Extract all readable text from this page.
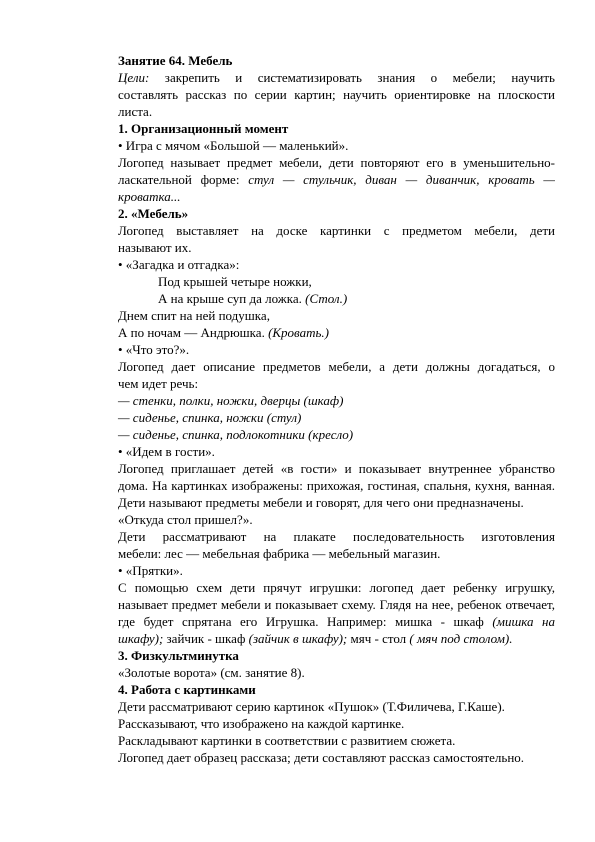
Занятие 64. Мебель
Цели: закрепить и систематизировать знания о мебели; научить
составлять рассказ по серии картин; научить ориентировке на плоскости
листа.
1. Организационный момент
• Игра с мячом «Большой — маленький».
Логопед называет предмет мебели, дети повторяют его в уменьшительно-
ласкательной форме: стул — стульчик, диван — диванчик, кровать —
кроватка...
2. «Мебель»
Логопед выставляет на доске картинки с предметом мебели, дети
называют их.
• «Загадка и отгадка»:
Под крышей четыре ножки,
А на крыше суп да ложка. (Стол.)
Днем спит на ней подушка,
А по ночам — Андрюшка. (Кровать.)
• «Что это?».
Логопед дает описание предметов мебели, а дети должны догадаться, о
чем идет речь:
— стенки, полки, ножки, дверцы (шкаф)
— сиденье, спинка, ножки (стул)
— сиденье, спинка, подлокотники (кресло)
• «Идем в гости».
Логопед приглашает детей «в гости» и показывает внутреннее убранство
дома. На картинках изображены: прихожая, гостиная, спальня, кухня, ванная.
Дети называют предметы мебели и говорят, для чего они предназначены.
«Откуда стол пришел?».
Дети рассматривают на плакате последовательность изготовления
мебели: лес — мебельная фабрика — мебельный магазин.
• «Прятки».
С помощью схем дети прячут игрушки: логопед дает ребенку игрушку,
называет предмет мебели и показывает схему. Глядя на нее, ребенок отвечает,
где будет спрятана его Игрушка. Например: мишка - шкаф (мишка на
шкафу); зайчик - шкаф (зайчик в шкафу); мяч - стол ( мяч под столом).
3. Физкультминутка
«Золотые ворота» (см. занятие 8).
4. Работа с картинками
Дети рассматривают серию картинок «Пушок» (Т.Филичева, Г.Каше).
Рассказывают, что изображено на каждой картинке.
Раскладывают картинки в соответствии с развитием сюжета.
Логопед дает образец рассказа; дети составляют рассказ самостоятельно.
